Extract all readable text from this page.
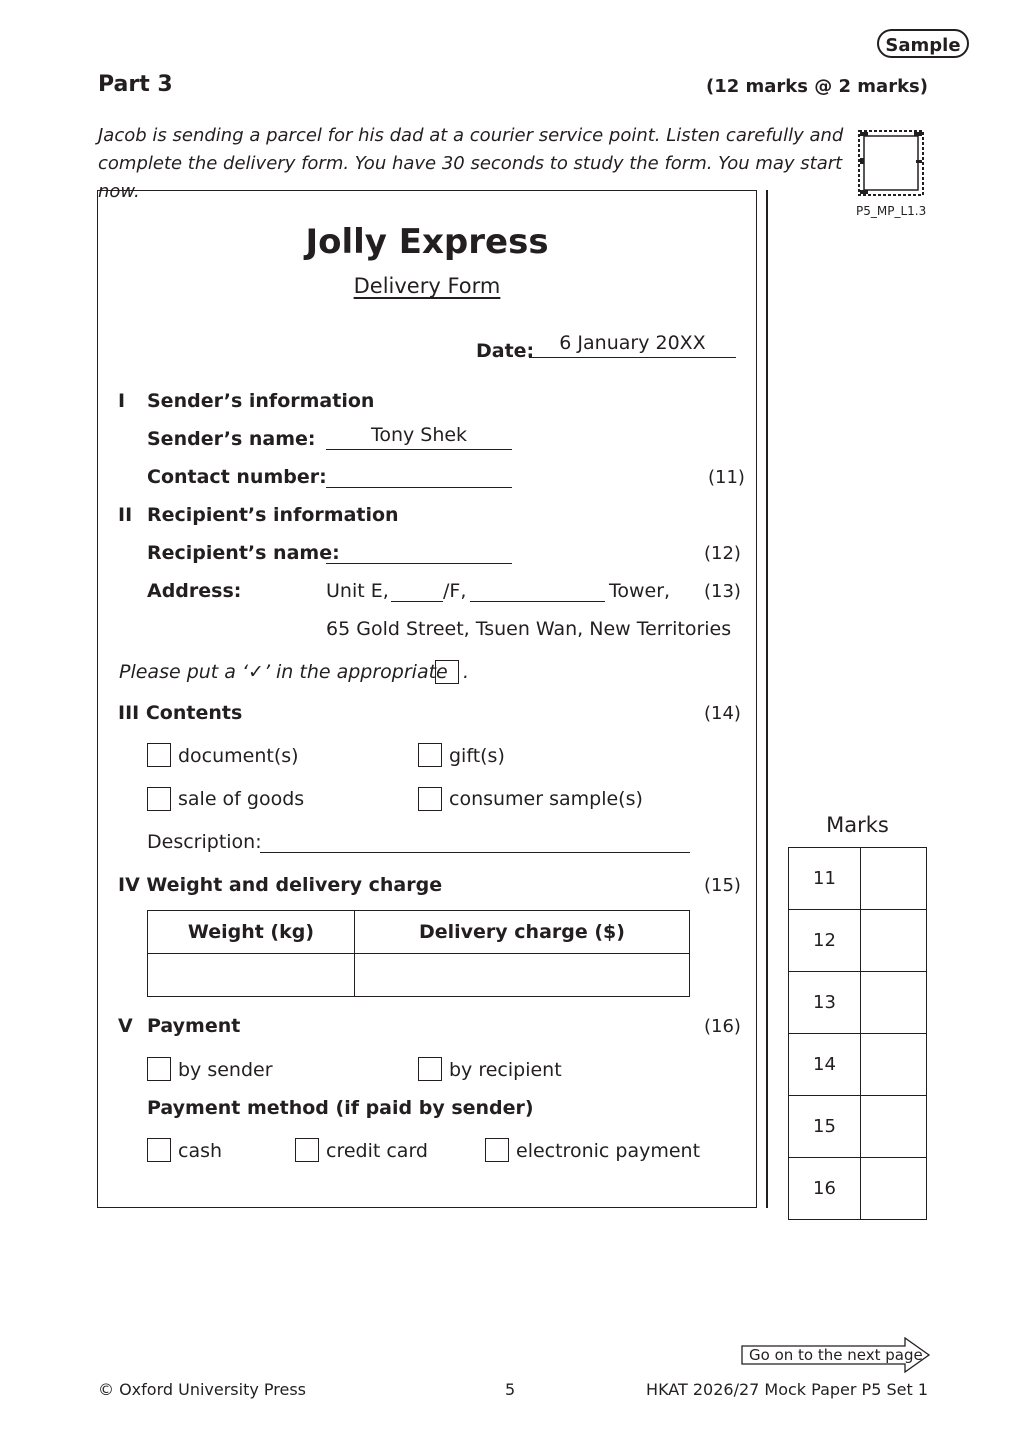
Sample
Part 3	(12 marks @ 2 marks)
Jacob is sending a parcel for his dad at a courier service point. Listen carefully and complete the delivery form. You have 30 seconds to study the form. You may start now.
P5_MP_L1.3
Jolly Express
Delivery Form
Date:	6 January 20XX
I Sender’s information
Sender’s name:	Tony Shek
Contact number:	(11)
II Recipient’s information
Recipient’s name:	(12)
Address:	Unit E,	/F,	Tower, (13)
65 Gold Street, Tsuen Wan, New Territories
Please put a ‘✓’ in the appropriate .
III Contents	(14)
document(s)	gift(s)
sale of goods	consumer sample(s)
Description:
IV Weight and delivery charge	(15)
Weight (kg)	Delivery charge ($)

V Payment	(16)
by sender	by recipient
Payment method (if paid by sender)
cash	credit card	electronic payment
Marks
11	
12	
13	
14	
15	
16	
Go on to the next page
© Oxford University Press	5	HKAT 2026/27 Mock Paper P5 Set 1
